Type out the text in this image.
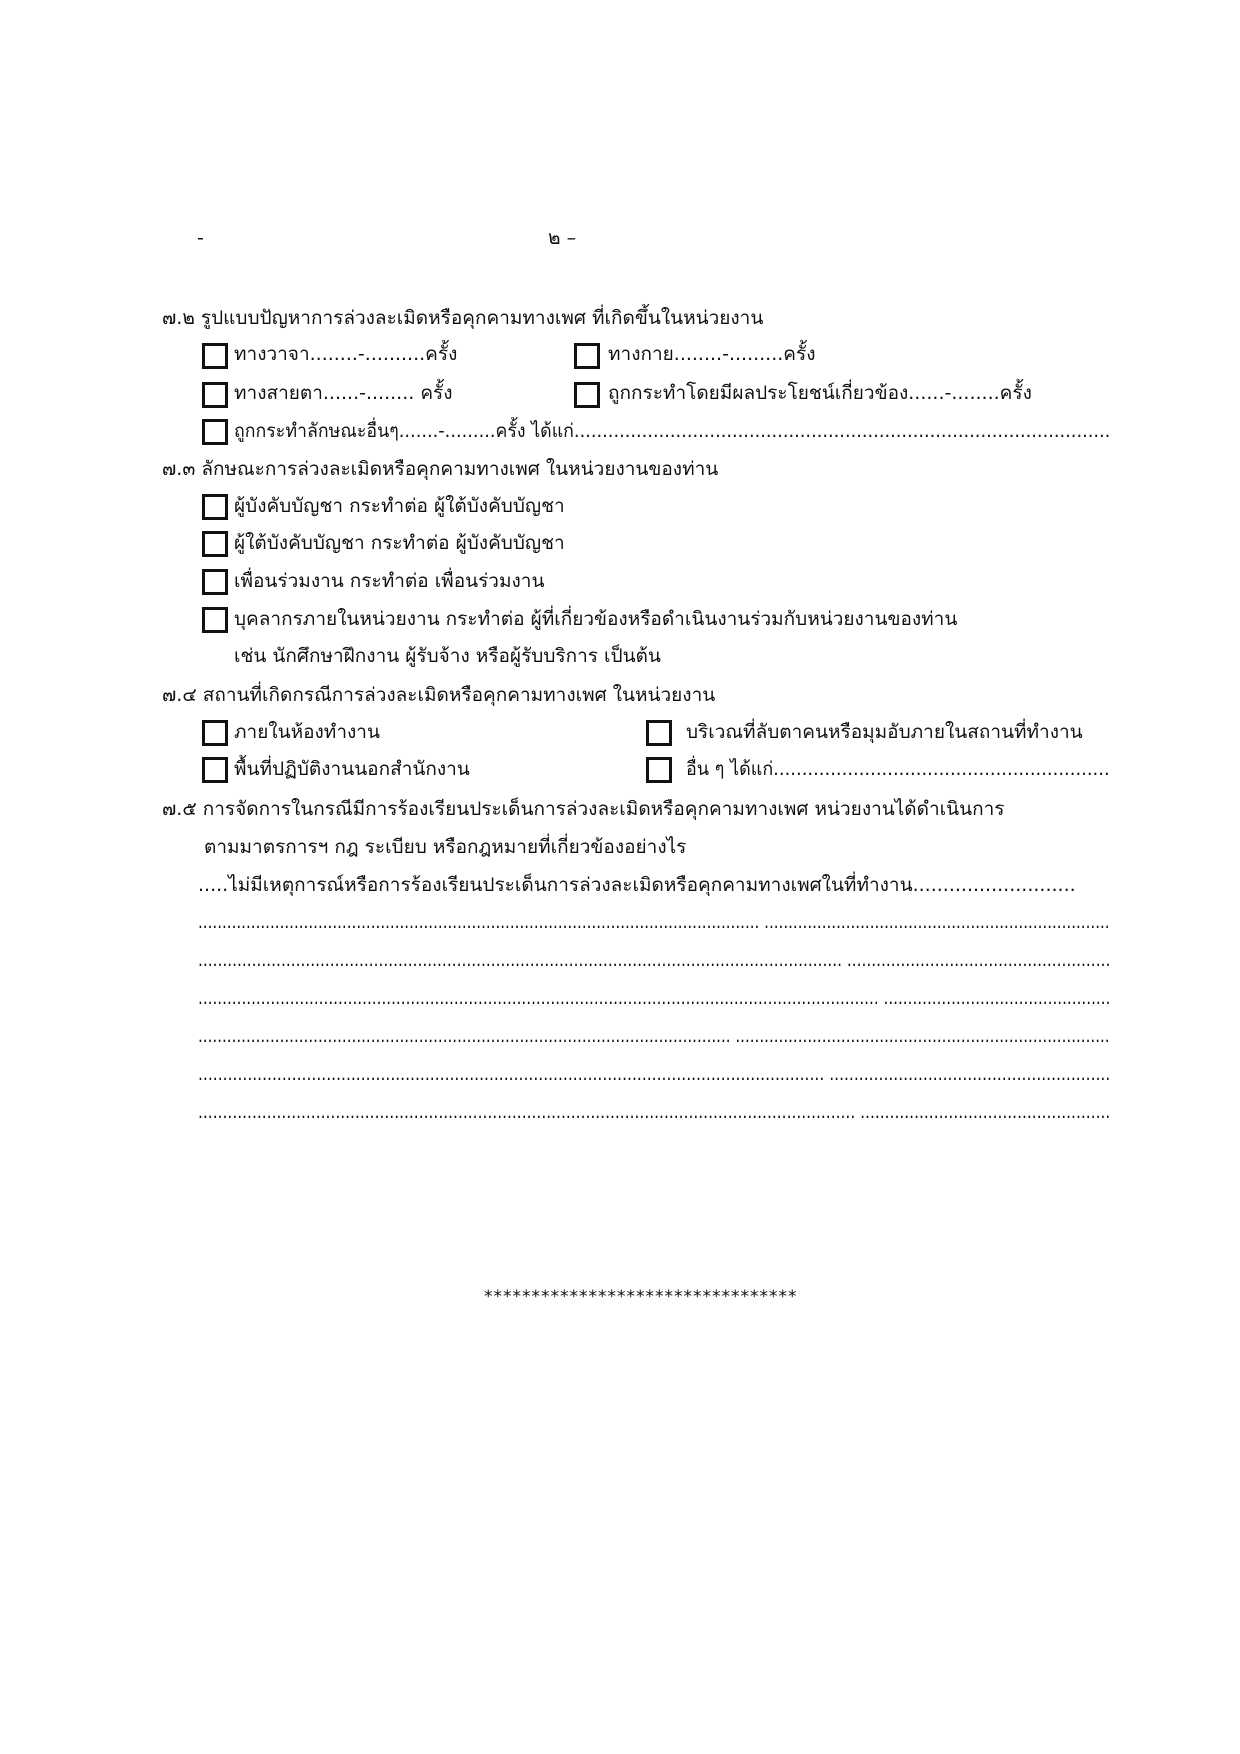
-	๒ –
๗.๒ รูปแบบปัญหาการล่วงละเมิดหรือคุกคามทางเพศ ที่เกิดขึ้นในหน่วยงาน
ทางวาจา........-..........ครั้ง	ทางกาย........-.........ครั้ง
ทางสายตา......-........ ครั้ง	ถูกกระทำโดยมีผลประโยชน์เกี่ยวข้อง......-........ครั้ง
ถูกกระทำลักษณะอื่นๆ.......-.........ครั้ง ได้แก่...............................................................................................
๗.๓ ลักษณะการล่วงละเมิดหรือคุกคามทางเพศ ในหน่วยงานของท่าน
ผู้บังคับบัญชา กระทำต่อ ผู้ใต้บังคับบัญชา
ผู้ใต้บังคับบัญชา กระทำต่อ ผู้บังคับบัญชา
เพื่อนร่วมงาน กระทำต่อ เพื่อนร่วมงาน
บุคลากรภายในหน่วยงาน กระทำต่อ ผู้ที่เกี่ยวข้องหรือดำเนินงานร่วมกับหน่วยงานของท่าน
เช่น นักศึกษาฝึกงาน ผู้รับจ้าง หรือผู้รับบริการ เป็นต้น
๗.๔ สถานที่เกิดกรณีการล่วงละเมิดหรือคุกคามทางเพศ ในหน่วยงาน
ภายในห้องทำงาน	บริเวณที่ลับตาคนหรือมุมอับภายในสถานที่ทำงาน
พื้นที่ปฏิบัติงานนอกสำนักงาน	อื่น ๆ ได้แก่...........................................................
๗.๕ การจัดการในกรณีมีการร้องเรียนประเด็นการล่วงละเมิดหรือคุกคามทางเพศ หน่วยงานได้ดำเนินการ
ตามมาตรการฯ กฎ ระเบียบ หรือกฎหมายที่เกี่ยวข้องอย่างไร
.....ไม่มีเหตุการณ์หรือการร้องเรียนประเด็นการล่วงละเมิดหรือคุกคามทางเพศในที่ทำงาน...........................
..................................................................................................................... ........................................................................
.................................................................................................................................... ......................................................
............................................................................................................................................. ...............................................
............................................................................................................... ..............................................................................
............................................................................................................................... .........................................................
...................................................................................................................................... ...................................................
*********************************
